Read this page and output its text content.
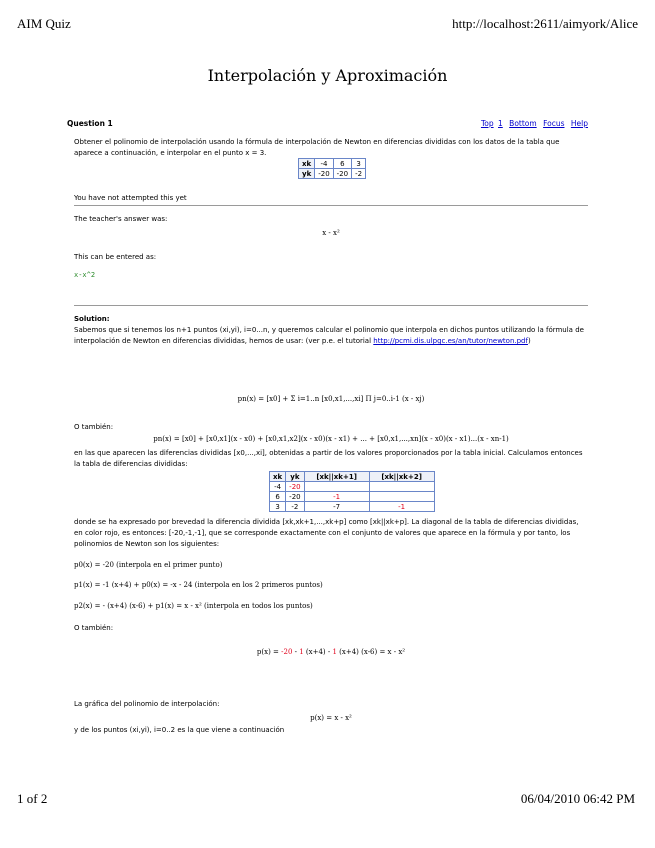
AIM Quiz	http://localhost:2611/aimyork/Alice
Interpolación y Aproximación
Question 1	Top 1 Bottom Focus Help
Obtener el polinomio de interpolación usando la fórmula de interpolación de Newton en diferencias divididas con los datos de la tabla que aparece a continuación, e interpolar en el punto x = 3.
xk	-4	6	3
yk	-20	-20	-2
You have not attempted this yet
The teacher's answer was:
x - x²
This can be entered as:
x-x^2
Solution:
Sabemos que si tenemos los n+1 puntos (xi,yi), i=0...n, y queremos calcular el polinomio que interpola en dichos puntos utilizando la fórmula de interpolación de Newton en diferencias divididas, hemos de usar: (ver p.e. el tutorial http://pcmi.dis.ulpgc.es/an/tutor/newton.pdf)
pn(x) = [x0] + Σ i=1..n [x0,x1,...,xi] Π j=0..i-1 (x - xj)
O también:
pn(x) = [x0] + [x0,x1](x - x0) + [x0,x1,x2](x - x0)(x - x1) + ... + [x0,x1,...,xn](x - x0)(x - x1)...(x - xn-1)
en las que aparecen las diferencias divididas [x0,...,xi], obtenidas a partir de los valores proporcionados por la tabla inicial. Calculamos entonces la tabla de diferencias divididas:
xk	yk	[xk||xk+1]	[xk||xk+2]
-4	-20		
6	-20	-1	
3	-2	-7	-1
donde se ha expresado por brevedad la diferencia dividida [xk,xk+1,...,xk+p] como [xk||xk+p]. La diagonal de la tabla de diferencias divididas, en color rojo, es entonces: [-20,-1,-1], que se corresponde exactamente con el conjunto de valores que aparece en la fórmula y por tanto, los polinomios de Newton son los siguientes:
p0(x) = -20 (interpola en el primer punto)
p1(x) = -1 (x+4) + p0(x) = -x - 24 (interpola en los 2 primeros puntos)
p2(x) = - (x+4) (x-6) + p1(x) = x - x² (interpola en todos los puntos)
O también:
p(x) = -20 - 1 (x+4) - 1 (x+4) (x-6) = x - x²
La gráfica del polinomio de interpolación:
p(x) = x - x²
y de los puntos (xi,yi), i=0..2 es la que viene a continuación
1 of 2	06/04/2010 06:42 PM
